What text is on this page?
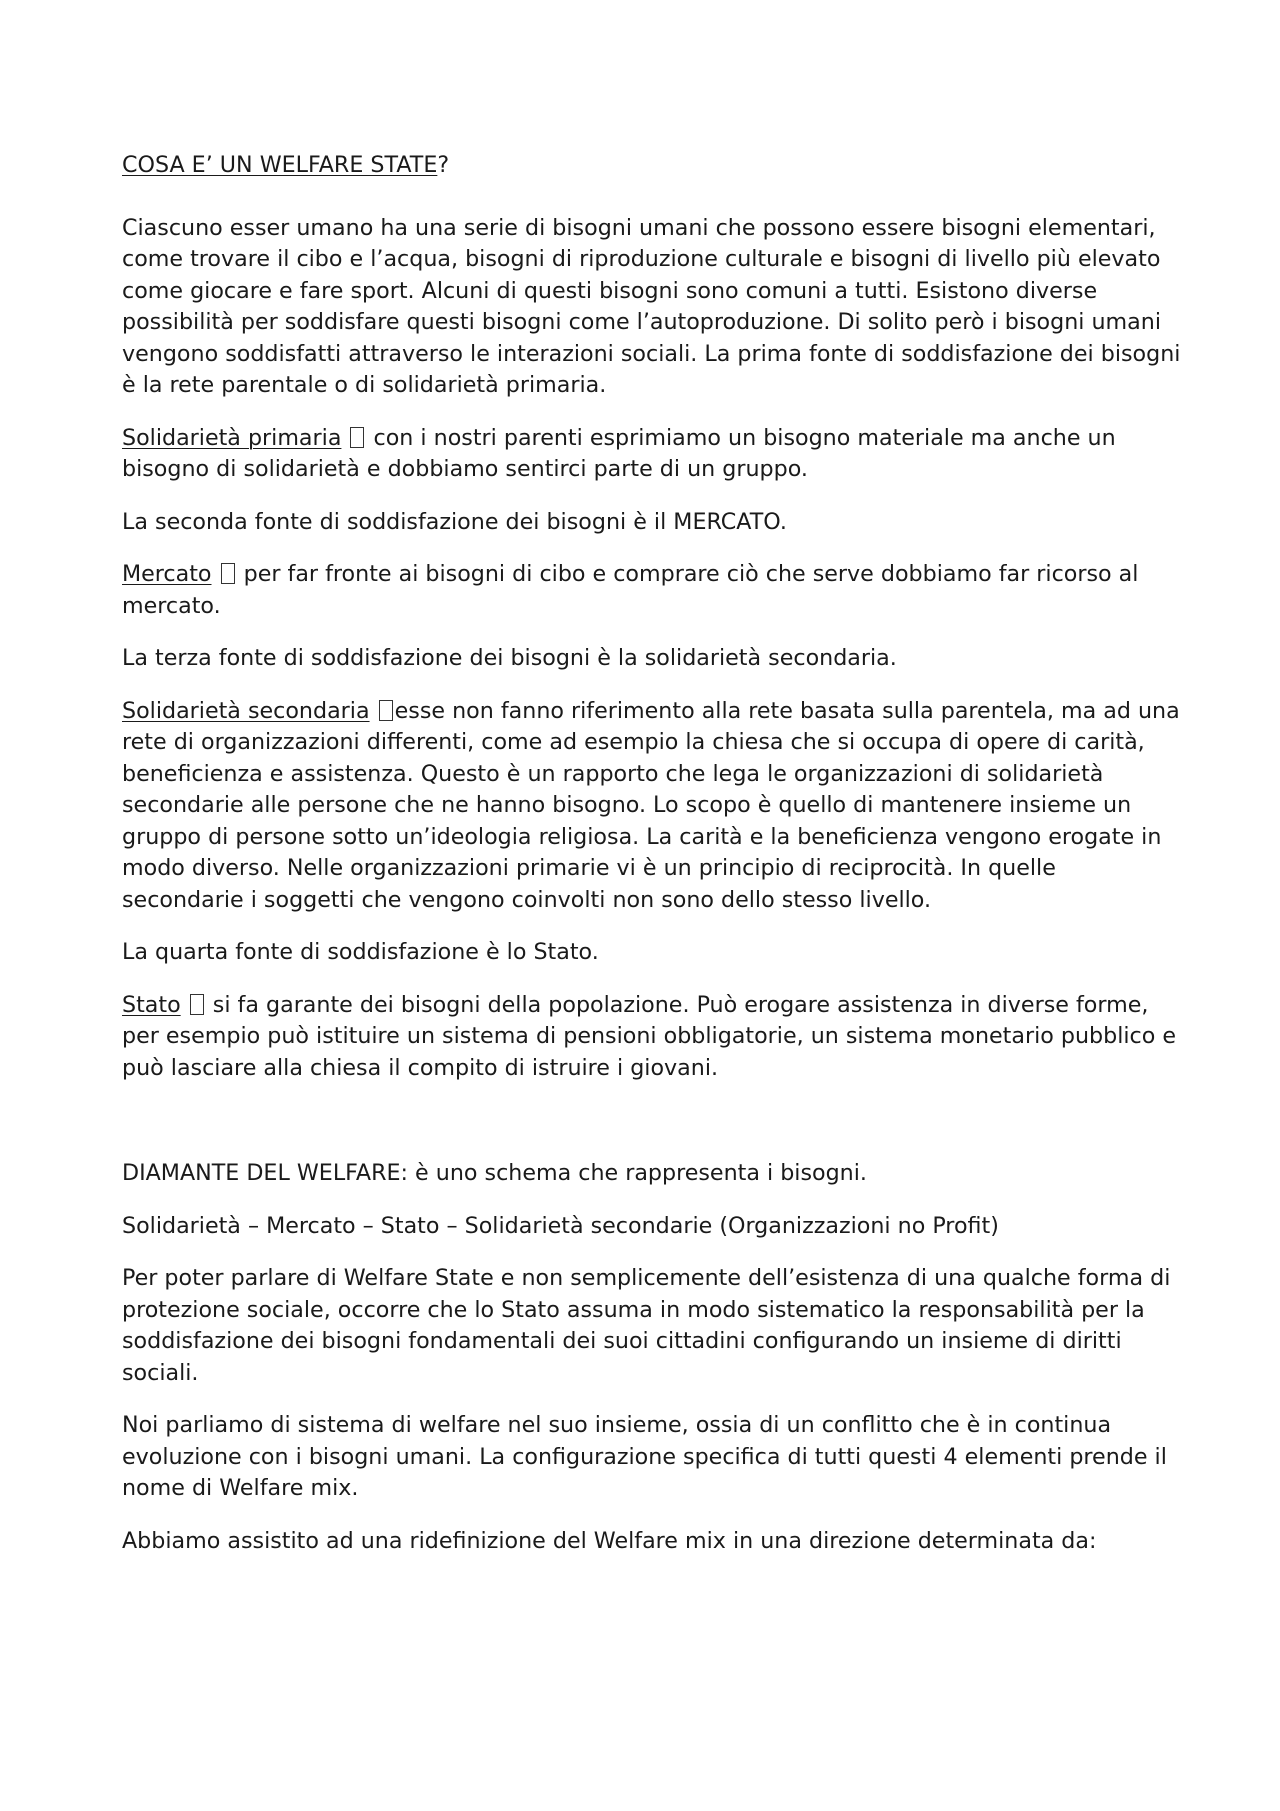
COSA E’ UN WELFARE STATE?

Ciascuno esser umano ha una serie di bisogni umani che possono essere bisogni elementari, come trovare il cibo e l’acqua, bisogni di riproduzione culturale e bisogni di livello più elevato come giocare e fare sport. Alcuni di questi bisogni sono comuni a tutti. Esistono diverse possibilità per soddisfare questi bisogni come l’autoproduzione. Di solito però i bisogni umani vengono soddisfatti attraverso le interazioni sociali. La prima fonte di soddisfazione dei bisogni è la rete parentale o di solidarietà primaria.

Solidarietà primaria  con i nostri parenti esprimiamo un bisogno materiale ma anche un bisogno di solidarietà e dobbiamo sentirci parte di un gruppo.

La seconda fonte di soddisfazione dei bisogni è il MERCATO.

Mercato  per far fronte ai bisogni di cibo e comprare ciò che serve dobbiamo far ricorso al mercato.

La terza fonte di soddisfazione dei bisogni è la solidarietà secondaria.

Solidarietà secondaria esse non fanno riferimento alla rete basata sulla parentela, ma ad una rete di organizzazioni differenti, come ad esempio la chiesa che si occupa di opere di carità, beneficienza e assistenza. Questo è un rapporto che lega le organizzazioni di solidarietà secondarie alle persone che ne hanno bisogno. Lo scopo è quello di mantenere insieme un gruppo di persone sotto un’ideologia religiosa. La carità e la beneficienza vengono erogate in modo diverso. Nelle organizzazioni primarie vi è un principio di reciprocità. In quelle secondarie i soggetti che vengono coinvolti non sono dello stesso livello.

La quarta fonte di soddisfazione è lo Stato.

Stato  si fa garante dei bisogni della popolazione. Può erogare assistenza in diverse forme, per esempio può istituire un sistema di pensioni obbligatorie, un sistema monetario pubblico e può lasciare alla chiesa il compito di istruire i giovani.

DIAMANTE DEL WELFARE: è uno schema che rappresenta i bisogni.

Solidarietà – Mercato – Stato – Solidarietà secondarie (Organizzazioni no Profit)

Per poter parlare di Welfare State e non semplicemente dell’esistenza di una qualche forma di protezione sociale, occorre che lo Stato assuma in modo sistematico la responsabilità per la soddisfazione dei bisogni fondamentali dei suoi cittadini configurando un insieme di diritti sociali.

Noi parliamo di sistema di welfare nel suo insieme, ossia di un conflitto che è in continua evoluzione con i bisogni umani. La configurazione specifica di tutti questi 4 elementi prende il nome di Welfare mix.

Abbiamo assistito ad una ridefinizione del Welfare mix in una direzione determinata da:
